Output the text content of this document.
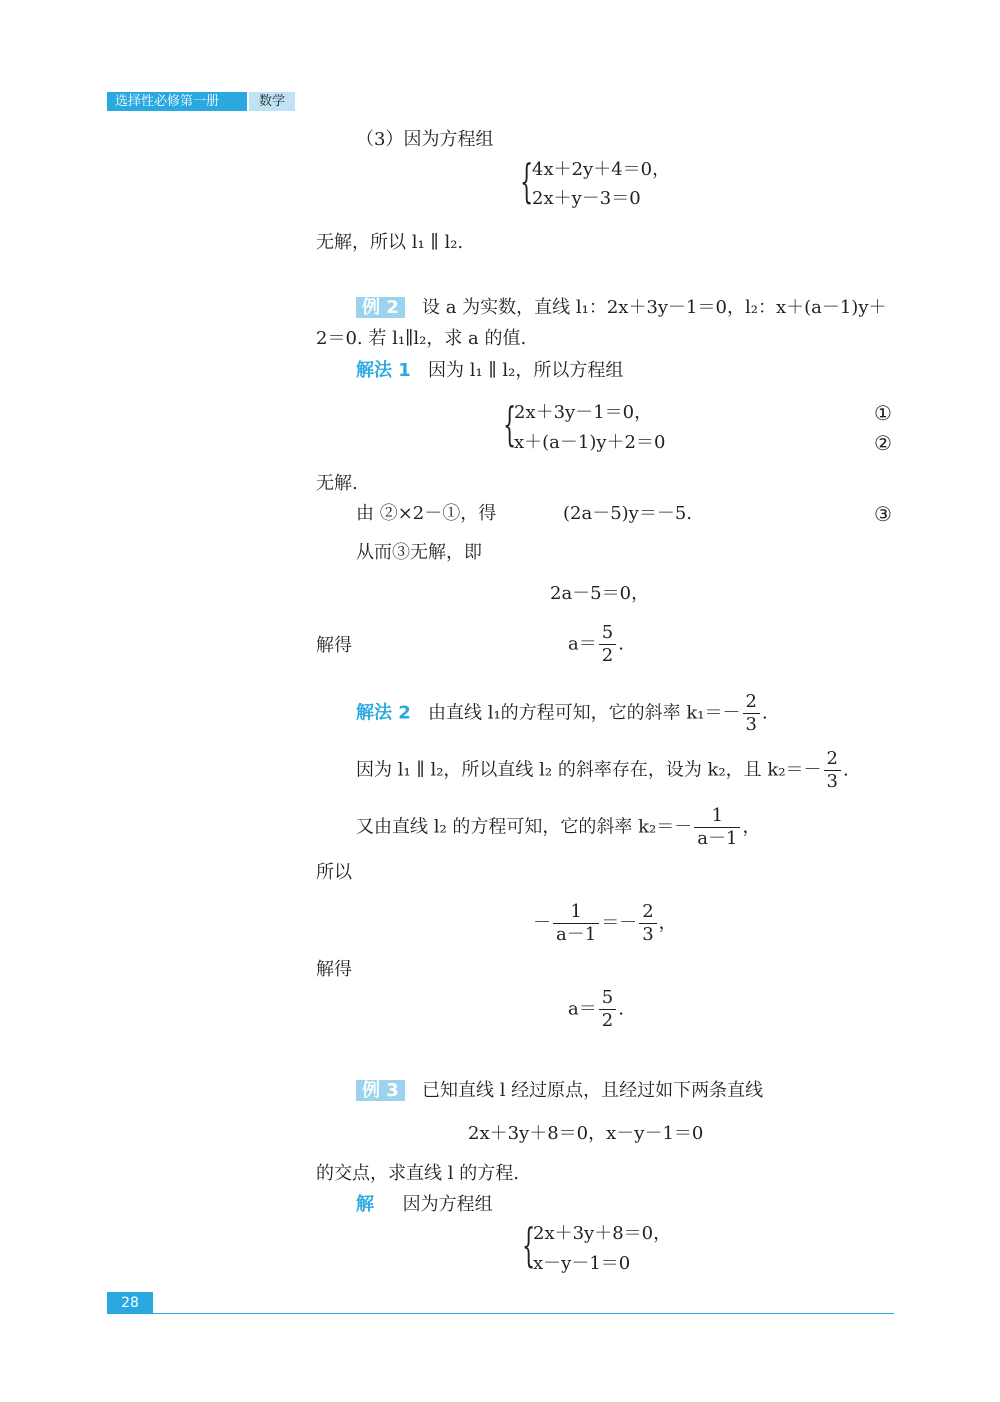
选择性必修第一册	数学
（3）因为方程组
{
4x＋2y＋4＝0，
2x＋y－3＝0
无解，所以 l₁ ∥ l₂.
例 2 设 a 为实数，直线 l₁：2x＋3y－1＝0，l₂：x＋(a－1)y＋
2＝0. 若 l₁∥l₂，求 a 的值.
解法 1 因为 l₁ ∥ l₂，所以方程组
{
2x＋3y－1＝0，
x＋(a－1)y＋2＝0
①
②
无解.
由 ②×2－①，得	(2a－5)y＝－5.	③
从而③无解，即
2a－5＝0，
解得	$a= \frac{5}{2}$ .
解法 2 由直线 l₁的方程可知，它的斜率 $k_1=- \frac{2}{3}$ .
因为 l₁ ∥ l₂，所以直线 l₂ 的斜率存在，设为 k₂，且 $k_2=- \frac{2}{3}$ .
又由直线 l₂ 的方程可知，它的斜率 $k_2=- \frac{1}{a-1}$ ，
所以
－ $\frac{1}{a-1} =- \frac{2}{3}$ ，
解得
$a= \frac{5}{2}$ .
例 3 已知直线 l 经过原点，且经过如下两条直线
2x＋3y＋8＝0，x－y－1＝0
的交点，求直线 l 的方程.
解 因为方程组
{
2x＋3y＋8＝0，
x－y－1＝0
28
